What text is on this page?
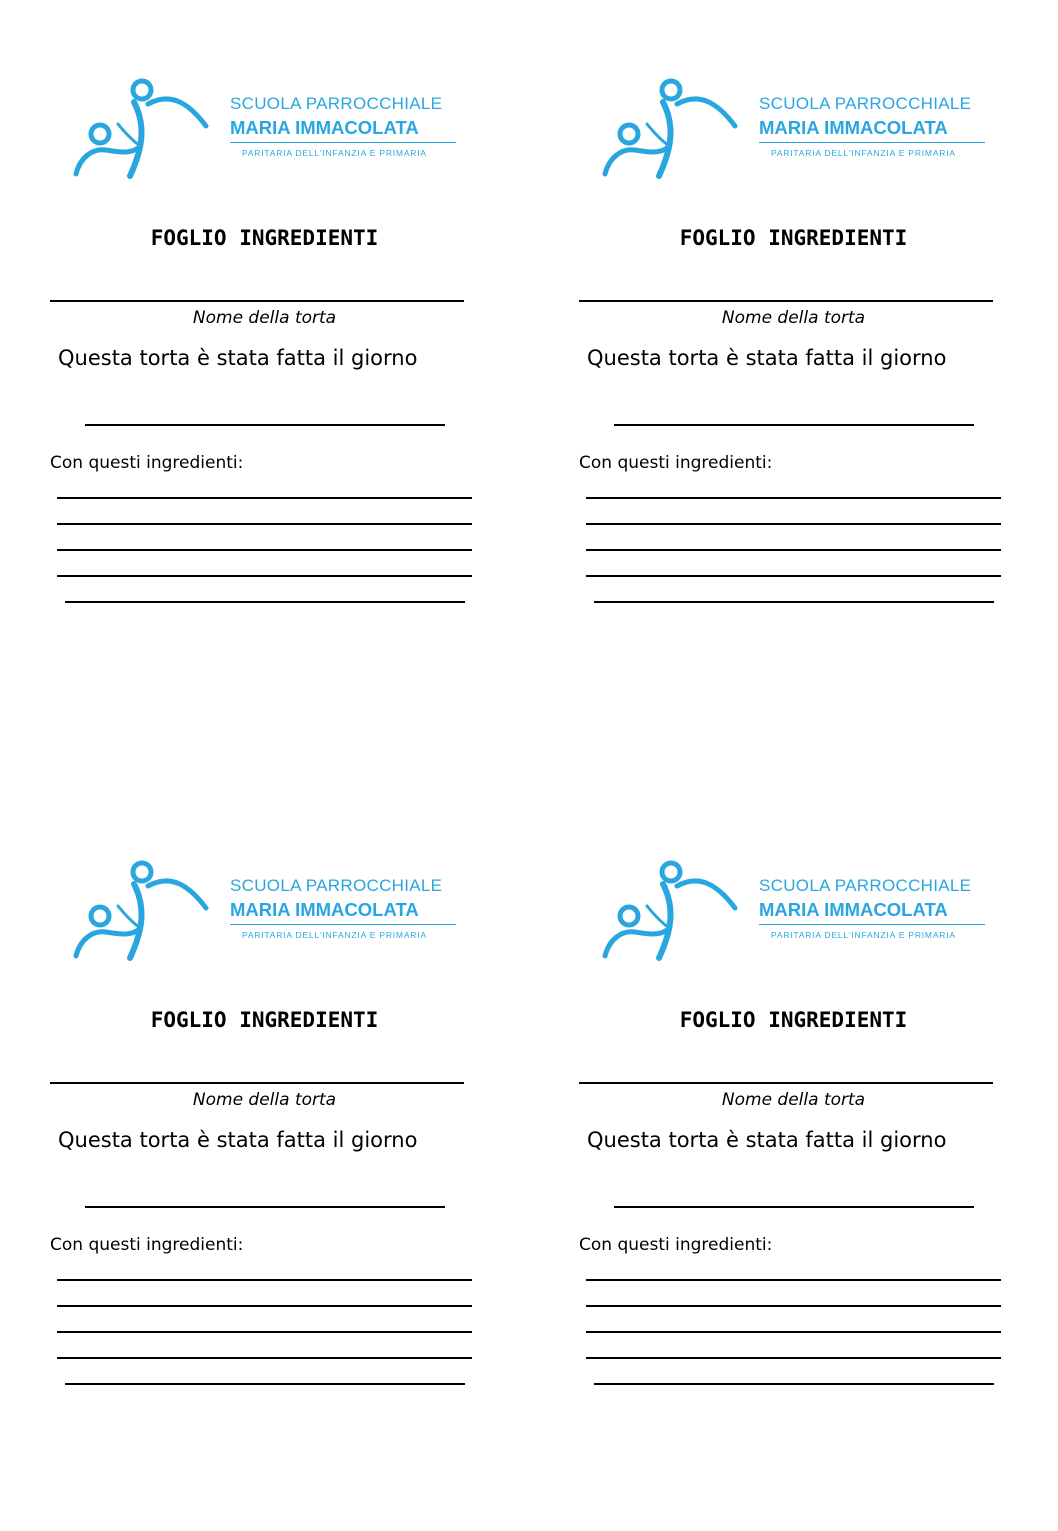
SCUOLA PARROCCHIALE
MARIA IMMACOLATA
PARITARIA DELL'INFANZIA E PRIMARIA
FOGLIO INGREDIENTI
Nome della torta
Questa torta è stata fatta il giorno
Con questi ingredienti:
SCUOLA PARROCCHIALE
MARIA IMMACOLATA
PARITARIA DELL'INFANZIA E PRIMARIA
FOGLIO INGREDIENTI
Nome della torta
Questa torta è stata fatta il giorno
Con questi ingredienti:
SCUOLA PARROCCHIALE
MARIA IMMACOLATA
PARITARIA DELL'INFANZIA E PRIMARIA
FOGLIO INGREDIENTI
Nome della torta
Questa torta è stata fatta il giorno
Con questi ingredienti:
SCUOLA PARROCCHIALE
MARIA IMMACOLATA
PARITARIA DELL'INFANZIA E PRIMARIA
FOGLIO INGREDIENTI
Nome della torta
Questa torta è stata fatta il giorno
Con questi ingredienti:
